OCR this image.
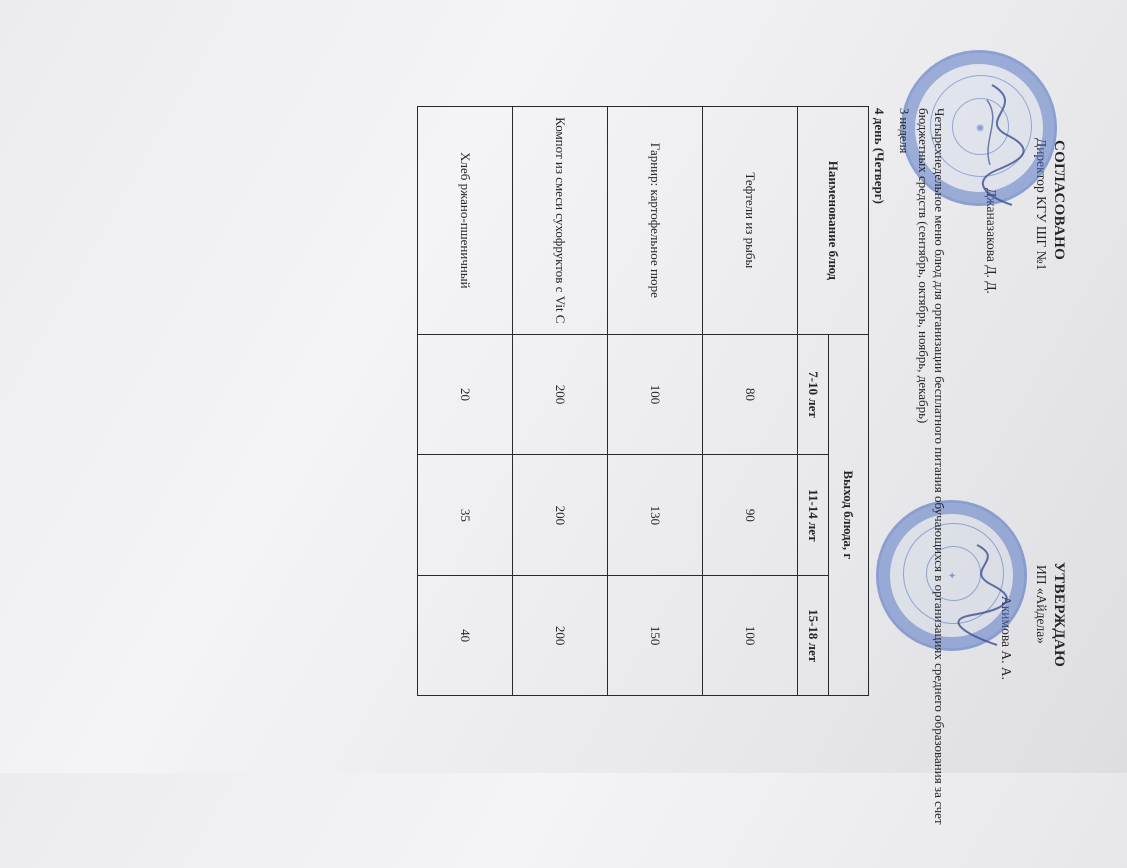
СОГЛАСОВАНО
Директор КГУ ШГ №1
Джаназакова Д. Д.
УТВЕРЖДАЮ
ИП «Айдела»
Акимова А. А.
✺
✦
Четырехнедельное меню блюд для организации бесплатного питания обучающихся в организациях среднего образования за счет бюджетных средств (сентябрь, октябрь, ноябрь, декабрь)
3 неделя
4 день (Четверг)
Наименование блюд	Выход блюда, г		
	7-10 лет	11-14 лет	15-18 лет
Тефтели из рыбы	80	90	100
Гарнир: картофельное пюре	100	130	150
Компот из смеси сухофруктов с Vit C	200	200	200
Хлеб ржано-пшеничный	20	35	40
